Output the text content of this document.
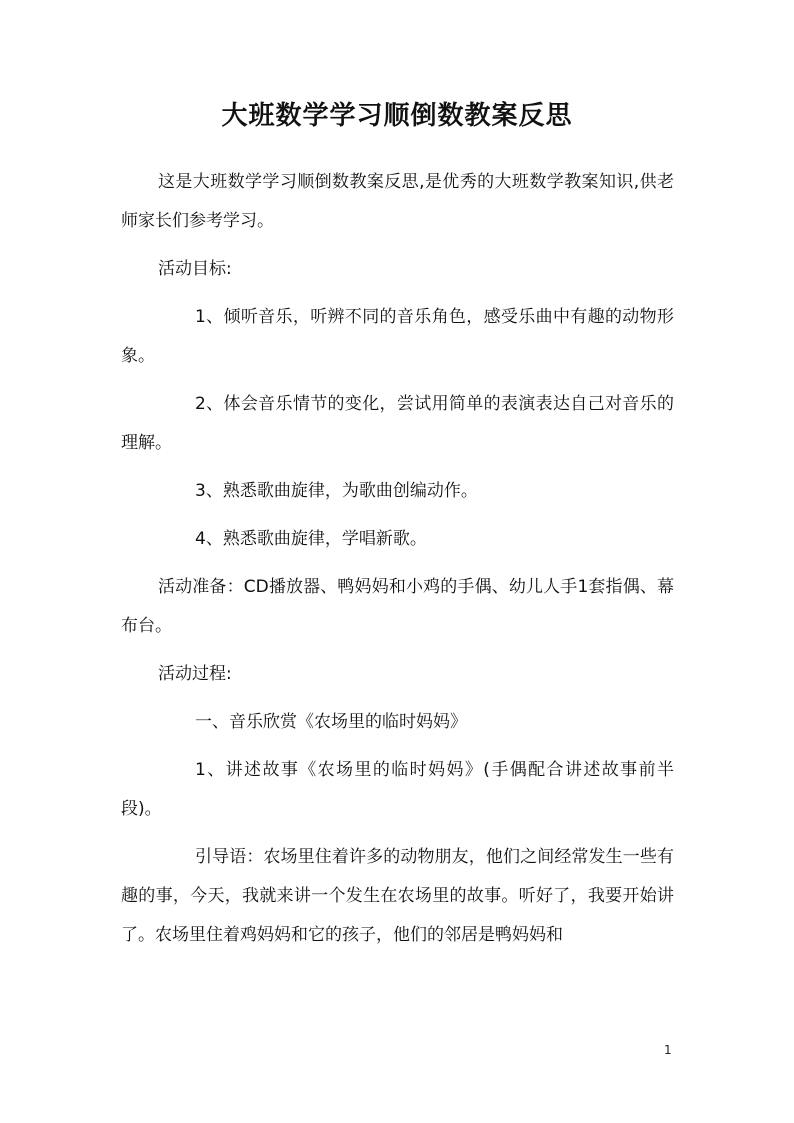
大班数学学习顺倒数教案反思

这是大班数学学习顺倒数教案反思,是优秀的大班数学教案知识,供老师家长们参考学习。

活动目标:

1、倾听音乐，听辨不同的音乐角色，感受乐曲中有趣的动物形象。

2、体会音乐情节的变化，尝试用简单的表演表达自己对音乐的理解。

3、熟悉歌曲旋律，为歌曲创编动作。

4、熟悉歌曲旋律，学唱新歌。

活动准备：CD播放器、鸭妈妈和小鸡的手偶、幼儿人手1套指偶、幕布台。

活动过程:

一、音乐欣赏《农场里的临时妈妈》

1、讲述故事《农场里的临时妈妈》(手偶配合讲述故事前半段)。

引导语：农场里住着许多的动物朋友，他们之间经常发生一些有趣的事，今天，我就来讲一个发生在农场里的故事。听好了，我要开始讲了。农场里住着鸡妈妈和它的孩子，他们的邻居是鸭妈妈和

1
